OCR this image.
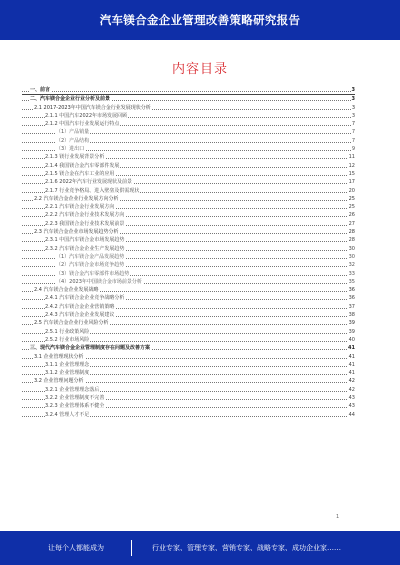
汽车镁合金企业管理改善策略研究报告
内容目录
一、前言	3
二、汽车镁合金企业行业分析及前景	3
2.1 2017-2023年中国汽车镁合金行业发展现状分析	3
2.1.1 中国汽车2022年市场发展回顾	3
2.1.2 中国汽车行业发展运行特点	7
（1）产品销量	7
（2）产品结构	7
（3）进出口	9
2.1.3 镁行业发展背景分析	11
2.1.4 我国镁合金汽车零部件发展	12
2.1.5 镁合金在汽车工业的应用	15
2.1.6 2022年汽车行业发展现状及前景	17
2.1.7 行业竞争格局、进入壁垒及供需现状	20
2.2 汽车镁合金企业行业发展方向分析	25
2.2.1 汽车镁合金行业发展方向	25
2.2.2 汽车镁合金行业技术发展方向	26
2.2.3 我国镁合金行业技术发展前景	27
2.3 汽车镁合金企业市场发展趋势分析	28
2.3.1 中国汽车镁合金市场发展趋势	28
2.3.2 汽车镁合金企业生产发展趋势	30
（1）汽车镁合金产品发展趋势	30
（2）汽车镁合金市场竞争趋势	32
（3）镁合金汽车零部件市场趋势	33
（4）2023年中国镁合金市场前景分析	35
2.4 汽车镁合金企业发展战略	36
2.4.1 汽车镁合金企业竞争战略分析	36
2.4.2 汽车镁合金企业营销策略	37
2.4.3 汽车镁合金企业发展建议	38
2.5 汽车镁合金企业行业风险分析	39
2.5.1 行业政策风险	39
2.5.2 行业市场风险	40
三、现代汽车镁合金企业管理制度存在问题及改善方案	41
3.1 企业管理现状分析	41
3.1.1 企业管理理念	41
3.1.2 企业管理制度	41
3.2 企业管理问题分析	42
3.2.1 企业管理理念落后	42
3.2.2 企业管理制度不完善	43
3.2.3 企业管理体系不健全	43
3.2.4 管理人才不足	44
1
让每个人都能成为	行业专家、管理专家、营销专家、战略专家、成功企业家……
